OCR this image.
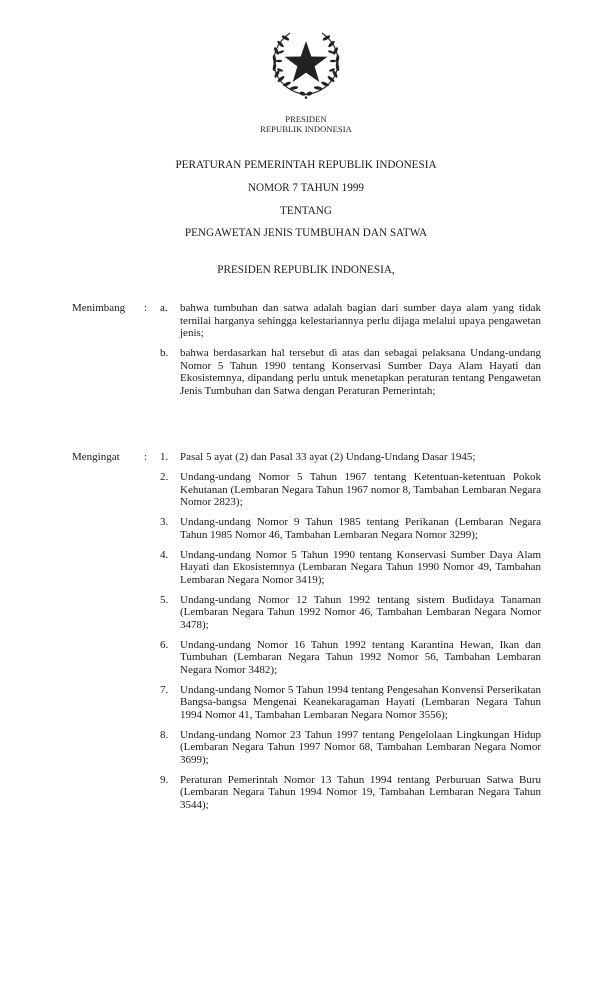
PRESIDEN
REPUBLIK INDONESIA
PERATURAN PEMERINTAH REPUBLIK INDONESIA
NOMOR 7 TAHUN 1999
TENTANG
PENGAWETAN JENIS TUMBUHAN DAN SATWA
PRESIDEN REPUBLIK INDONESIA,
Menimbang : a.	bahwa tumbuhan dan satwa adalah bagian dari sumber daya alam yang tidak ternilai harganya sehingga kelestariannya perlu dijaga melalui upaya pengawetan jenis;
b.	bahwa berdasarkan hal tersebut di atas dan sebagai pelaksana Undang-undang Nomor 5 Tahun 1990 tentang Konservasi Sumber Daya Alam Hayati dan Ekosistemnya, dipandang perlu untuk menetapkan peraturan tentang Pengawetan Jenis Tumbuhan dan Satwa dengan Peraturan Pemerintah;
Mengingat : 1.	Pasal 5 ayat (2) dan Pasal 33 ayat (2) Undang-Undang Dasar 1945;
2.	Undang-undang Nomor 5 Tahun 1967 tentang Ketentuan-ketentuan Pokok Kehutanan (Lembaran Negara Tahun 1967 nomor 8, Tambahan Lembaran Negara Nomor 2823);
3.	Undang-undang Nomor 9 Tahun 1985 tentang Perikanan (Lembaran Negara Tahun 1985 Nomor 46, Tambahan Lembaran Negara Nomor 3299);
4.	Undang-undang Nomor 5 Tahun 1990 tentang Konservasi Sumber Daya Alam Hayati dan Ekosistemnya (Lembaran Negara Tahun 1990 Nomor 49, Tambahan Lembaran Negara Nomor 3419);
5.	Undang-undang Nomor 12 Tahun 1992 tentang sistem Budidaya Tanaman (Lembaran Negara Tahun 1992 Nomor 46, Tambahan Lembaran Negara Nomor 3478);
6.	Undang-undang Nomor 16 Tahun 1992 tentang Karantina Hewan, Ikan dan Tumbuhan (Lembaran Negara Tahun 1992 Nomor 56, Tambahan Lembaran Negara Nomor 3482);
7.	Undang-undang Nomor 5 Tahun 1994 tentang Pengesahan Konvensi Perserikatan Bangsa-bangsa Mengenai Keanekaragaman Hayati (Lembaran Negara Tahun 1994 Nomor 41, Tambahan Lembaran Negara Nomor 3556);
8.	Undang-undang Nomor 23 Tahun 1997 tentang Pengelolaan Lingkungan Hidup (Lembaran Negara Tahun 1997 Nomor 68, Tambahan Lembaran Negara Nomor 3699);
9.	Peraturan Pemerintah Nomor 13 Tahun 1994 tentang Perburuan Satwa Buru (Lembaran Negara Tahun 1994 Nomor 19, Tambahan Lembaran Negara Tahun 3544);
